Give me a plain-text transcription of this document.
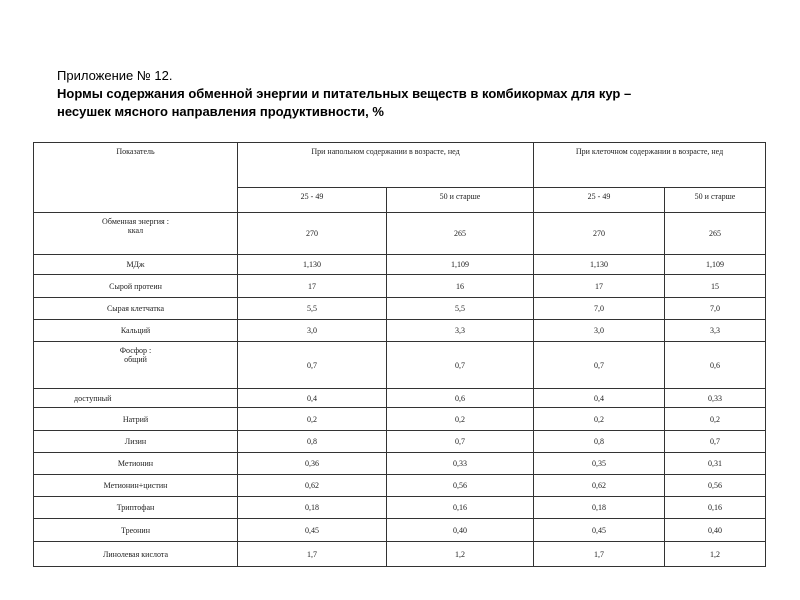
Приложение № 12.
Нормы содержания обменной энергии и питательных веществ в комбикормах для кур –
несушек мясного направления продуктивности, %
Показатель	При напольном содержании в возрасте, нед		При клеточном содержании в возрасте, нед	
	25 - 49	50 и старше	25 - 49	50 и старше

Обменная энергия :
ккал	270	265	270	265
МДж	1,130	1,109	1,130	1,109
Сырой протеин	17	16	17	15
Сырая клетчатка	5,5	5,5	7,0	7,0
Кальций	3,0	3,3	3,0	3,3

Фосфор :
общий	0,7	0,7	0,7	0,6
доступный	0,4	0,6	0,4	0,33
Натрий	0,2	0,2	0,2	0,2
Лизин	0,8	0,7	0,8	0,7
Метионин	0,36	0,33	0,35	0,31
Метионин+цистин	0,62	0,56	0,62	0,56
Триптофан	0,18	0,16	0,18	0,16
Треонин	0,45	0,40	0,45	0,40
Линолевая кислота	1,7	1,2	1,7	1,2
